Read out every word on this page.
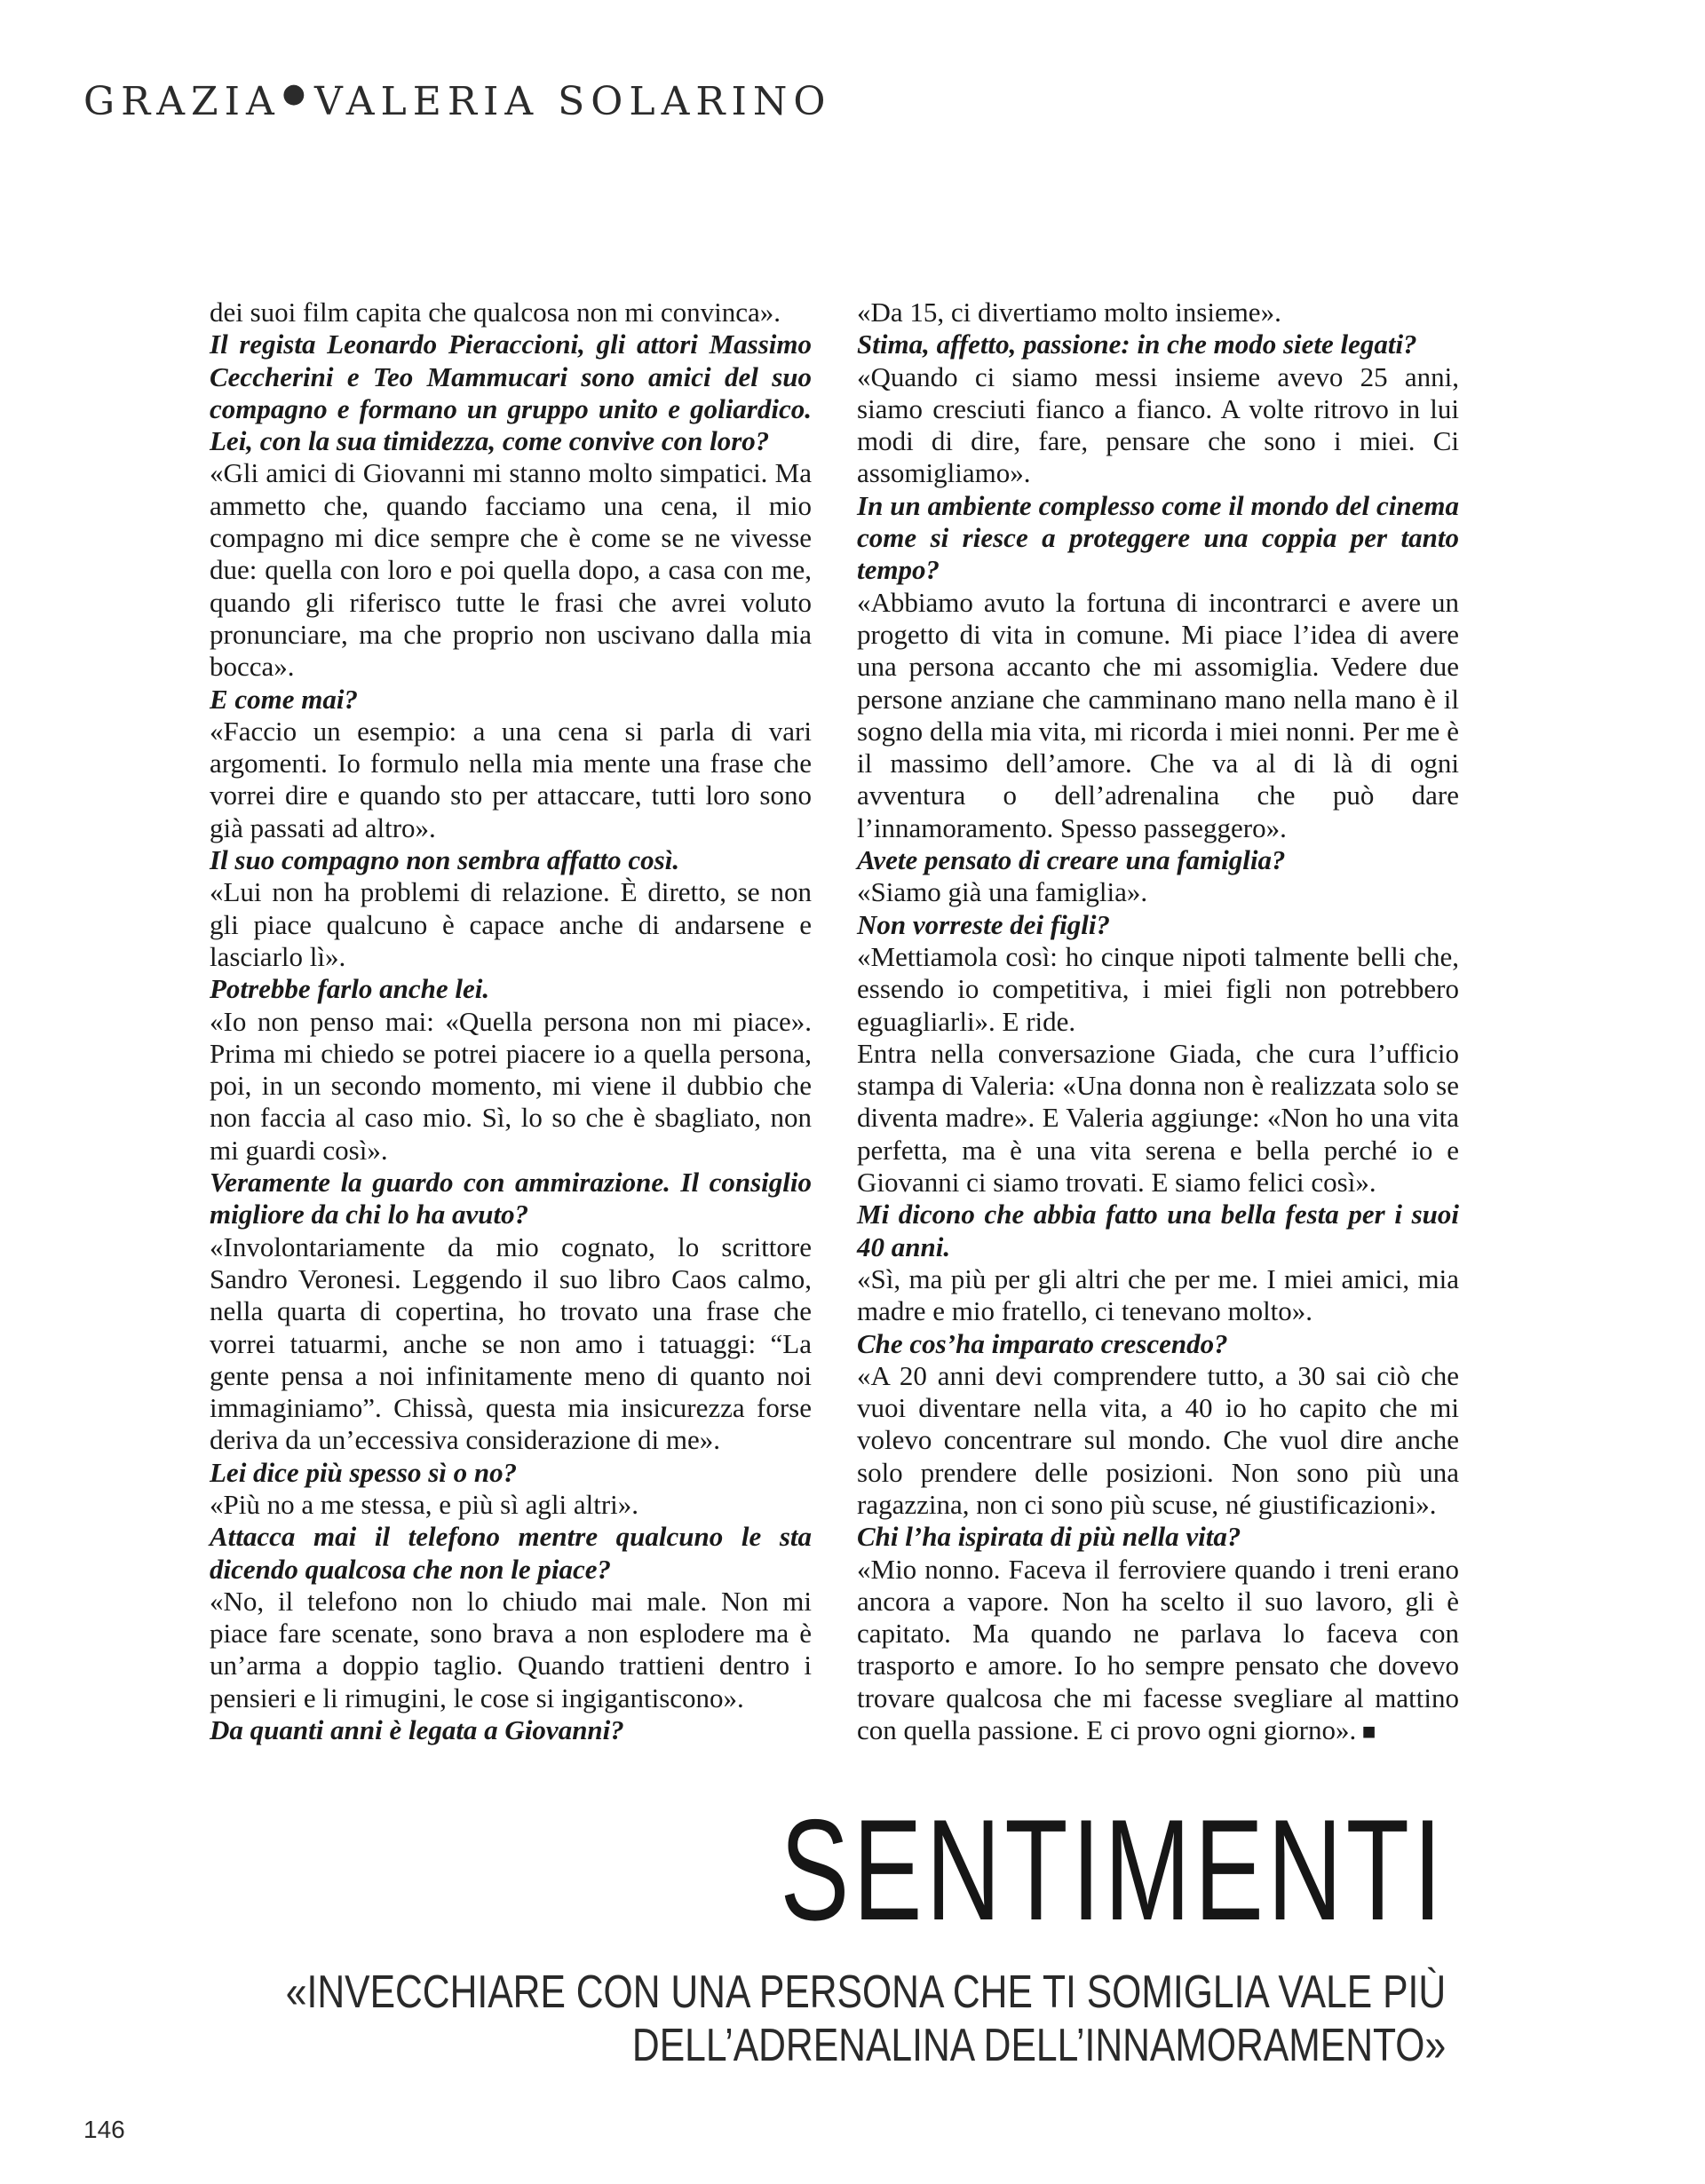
GRAZIA● VALERIA SOLARINO

dei suoi film capita che qualcosa non mi convinca».

Il regista Leonardo Pieraccioni, gli attori Massimo Ceccherini e Teo Mammucari sono amici del suo compagno e formano un gruppo unito e goliardico. Lei, con la sua timidezza, come convive con loro?

«Gli amici di Giovanni mi stanno molto simpatici. Ma ammetto che, quando facciamo una cena, il mio compagno mi dice sempre che è come se ne vivesse due: quella con loro e poi quella dopo, a casa con me, quando gli riferisco tutte le frasi che avrei voluto pronunciare, ma che proprio non uscivano dalla mia bocca».

E come mai?

«Faccio un esempio: a una cena si parla di vari argomenti. Io formulo nella mia mente una frase che vorrei dire e quando sto per attaccare, tutti loro sono già passati ad altro».

Il suo compagno non sembra affatto così.

«Lui non ha problemi di relazione. È diretto, se non gli piace qualcuno è capace anche di andarsene e lasciarlo lì».

Potrebbe farlo anche lei.

«Io non penso mai: «Quella persona non mi piace». Prima mi chiedo se potrei piacere io a quella persona, poi, in un secondo momento, mi viene il dubbio che non faccia al caso mio. Sì, lo so che è sbagliato, non mi guardi così».

Veramente la guardo con ammirazione. Il consiglio migliore da chi lo ha avuto?

«Involontariamente da mio cognato, lo scrittore Sandro Veronesi. Leggendo il suo libro Caos calmo, nella quarta di copertina, ho trovato una frase che vorrei tatuarmi, anche se non amo i tatuaggi: “La gente pensa a noi infinitamente meno di quanto noi immaginiamo”. Chissà, questa mia insicurezza forse deriva da un’eccessiva considerazione di me».

Lei dice più spesso sì o no?

«Più no a me stessa, e più sì agli altri».

Attacca mai il telefono mentre qualcuno le sta dicendo qualcosa che non le piace?

«No, il telefono non lo chiudo mai male. Non mi piace fare scenate, sono brava a non esplodere ma è un’arma a doppio taglio. Quando trattieni dentro i pensieri e li rimugini, le cose si ingigantiscono».

Da quanti anni è legata a Giovanni?

«Da 15, ci divertiamo molto insieme».

Stima, affetto, passione: in che modo siete legati?

«Quando ci siamo messi insieme avevo 25 anni, siamo cresciuti fianco a fianco. A volte ritrovo in lui modi di dire, fare, pensare che sono i miei. Ci assomigliamo».

In un ambiente complesso come il mondo del cinema come si riesce a proteggere una coppia per tanto tempo?

«Abbiamo avuto la fortuna di incontrarci e avere un progetto di vita in comune. Mi piace l’idea di avere una persona accanto che mi assomiglia. Vedere due persone anziane che camminano mano nella mano è il sogno della mia vita, mi ricorda i miei nonni. Per me è il massimo dell’amore. Che va al di là di ogni avventura o dell’adrenalina che può dare l’innamoramento. Spesso passeggero».

Avete pensato di creare una famiglia?

«Siamo già una famiglia».

Non vorreste dei figli?

«Mettiamola così: ho cinque nipoti talmente belli che, essendo io competitiva, i miei figli non potrebbero eguagliarli». E ride.

Entra nella conversazione Giada, che cura l’ufficio stampa di Valeria: «Una donna non è realizzata solo se diventa madre». E Valeria aggiunge: «Non ho una vita perfetta, ma è una vita serena e bella perché io e Giovanni ci siamo trovati. E siamo felici così».

Mi dicono che abbia fatto una bella festa per i suoi 40 anni.

«Sì, ma più per gli altri che per me. I miei amici, mia madre e mio fratello, ci tenevano molto».

Che cos’ha imparato crescendo?

«A 20 anni devi comprendere tutto, a 30 sai ciò che vuoi diventare nella vita, a 40 io ho capito che mi volevo concentrare sul mondo. Che vuol dire anche solo prendere delle posizioni. Non sono più una ragazzina, non ci sono più scuse, né giustificazioni».

Chi l’ha ispirata di più nella vita?

«Mio nonno. Faceva il ferroviere quando i treni erano ancora a vapore. Non ha scelto il suo lavoro, gli è capitato. Ma quando ne parlava lo faceva con trasporto e amore. Io ho sempre pensato che dovevo trovare qualcosa che mi facesse svegliare al mattino con quella passione. E ci provo ogni giorno». ■

SENTIMENTI

«INVECCHIARE CON UNA PERSONA CHE TI SOMIGLIA VALE PIÙ
DELL’ADRENALINA DELL’INNAMORAMENTO»

146
